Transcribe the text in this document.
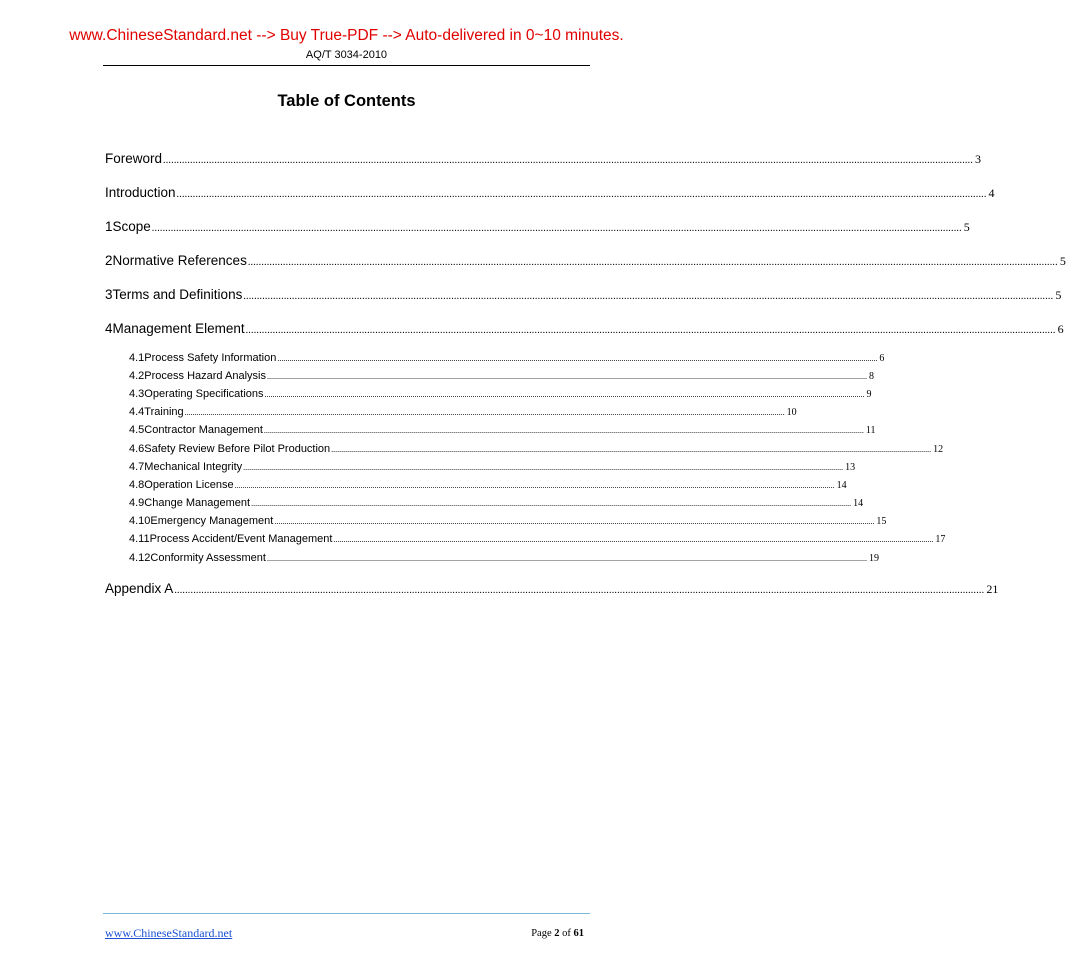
www.ChineseStandard.net --> Buy True-PDF --> Auto-delivered in 0~10 minutes.
AQ/T 3034-2010
Table of Contents
Foreword ............................................................................................................................................................................................................................................................................................................ 3
Introduction ............................................................................................................................................................................................................................................................................................................ 4
1 Scope ............................................................................................................................................................................................................................................................................................................ 5
2 Normative References ............................................................................................................................................................................................................................................................................................................ 5
3 Terms and Definitions ............................................................................................................................................................................................................................................................................................................ 5
4 Management Element ............................................................................................................................................................................................................................................................................................................ 6
4.1 Process Safety Information ............................................................................................................................................................................................................................................................................................................ 6
4.2 Process Hazard Analysis ............................................................................................................................................................................................................................................................................................................ 8
4.3 Operating Specifications ............................................................................................................................................................................................................................................................................................................ 9
4.4 Training ............................................................................................................................................................................................................................................................................................................ 10
4.5 Contractor Management ............................................................................................................................................................................................................................................................................................................ 11
4.6 Safety Review Before Pilot Production ............................................................................................................................................................................................................................................................................................................ 12
4.7 Mechanical Integrity ............................................................................................................................................................................................................................................................................................................ 13
4.8 Operation License ............................................................................................................................................................................................................................................................................................................ 14
4.9 Change Management ............................................................................................................................................................................................................................................................................................................ 14
4.10 Emergency Management ............................................................................................................................................................................................................................................................................................................ 15
4.11 Process Accident/Event Management ............................................................................................................................................................................................................................................................................................................ 17
4.12 Conformity Assessment ............................................................................................................................................................................................................................................................................................................ 19
Appendix A ............................................................................................................................................................................................................................................................................................................ 21
www.ChineseStandard.net	Page 2 of 61
